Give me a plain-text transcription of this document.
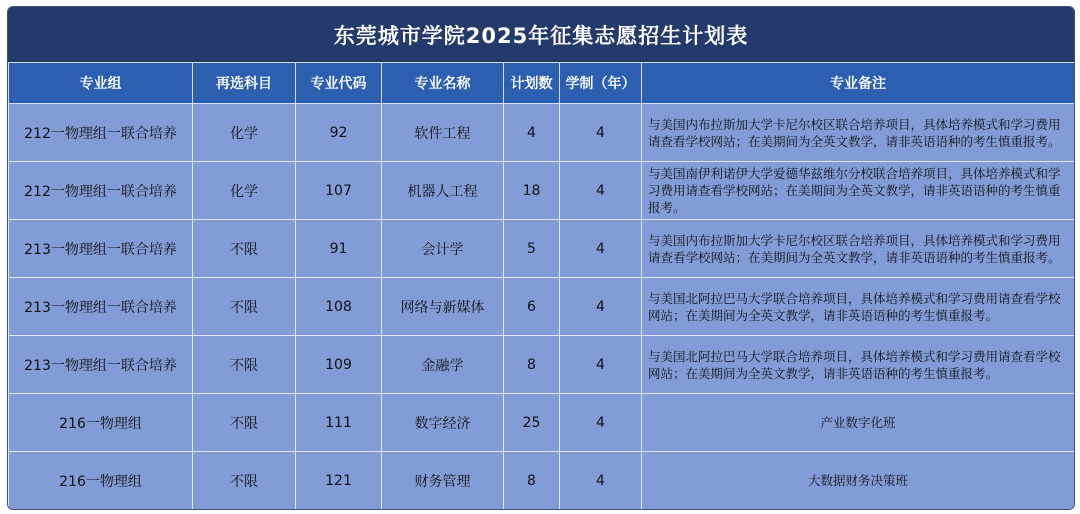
东莞城市学院2025年征集志愿招生计划表
专业组	再选科目	专业代码	专业名称	计划数	学制（年）	专业备注
212一物理组一联合培养	化学	92	软件工程	4	4	与美国内布拉斯加大学卡尼尔校区联合培养项目，具体培养模式和学习费用请查看学校网站；在美期间为全英文教学，请非英语语种的考生慎重报考。
212一物理组一联合培养	化学	107	机器人工程	18	4	与美国南伊利诺伊大学爱德华兹维尔分校联合培养项目，具体培养模式和学习费用请查看学校网站；在美期间为全英文教学，请非英语语种的考生慎重报考。
213一物理组一联合培养	不限	91	会计学	5	4	与美国内布拉斯加大学卡尼尔校区联合培养项目，具体培养模式和学习费用请查看学校网站；在美期间为全英文教学，请非英语语种的考生慎重报考。
213一物理组一联合培养	不限	108	网络与新媒体	6	4	与美国北阿拉巴马大学联合培养项目，具体培养模式和学习费用请查看学校网站；在美期间为全英文教学，请非英语语种的考生慎重报考。
213一物理组一联合培养	不限	109	金融学	8	4	与美国北阿拉巴马大学联合培养项目，具体培养模式和学习费用请查看学校网站；在美期间为全英文教学，请非英语语种的考生慎重报考。
216一物理组	不限	111	数字经济	25	4	产业数字化班
216一物理组	不限	121	财务管理	8	4	大数据财务决策班
